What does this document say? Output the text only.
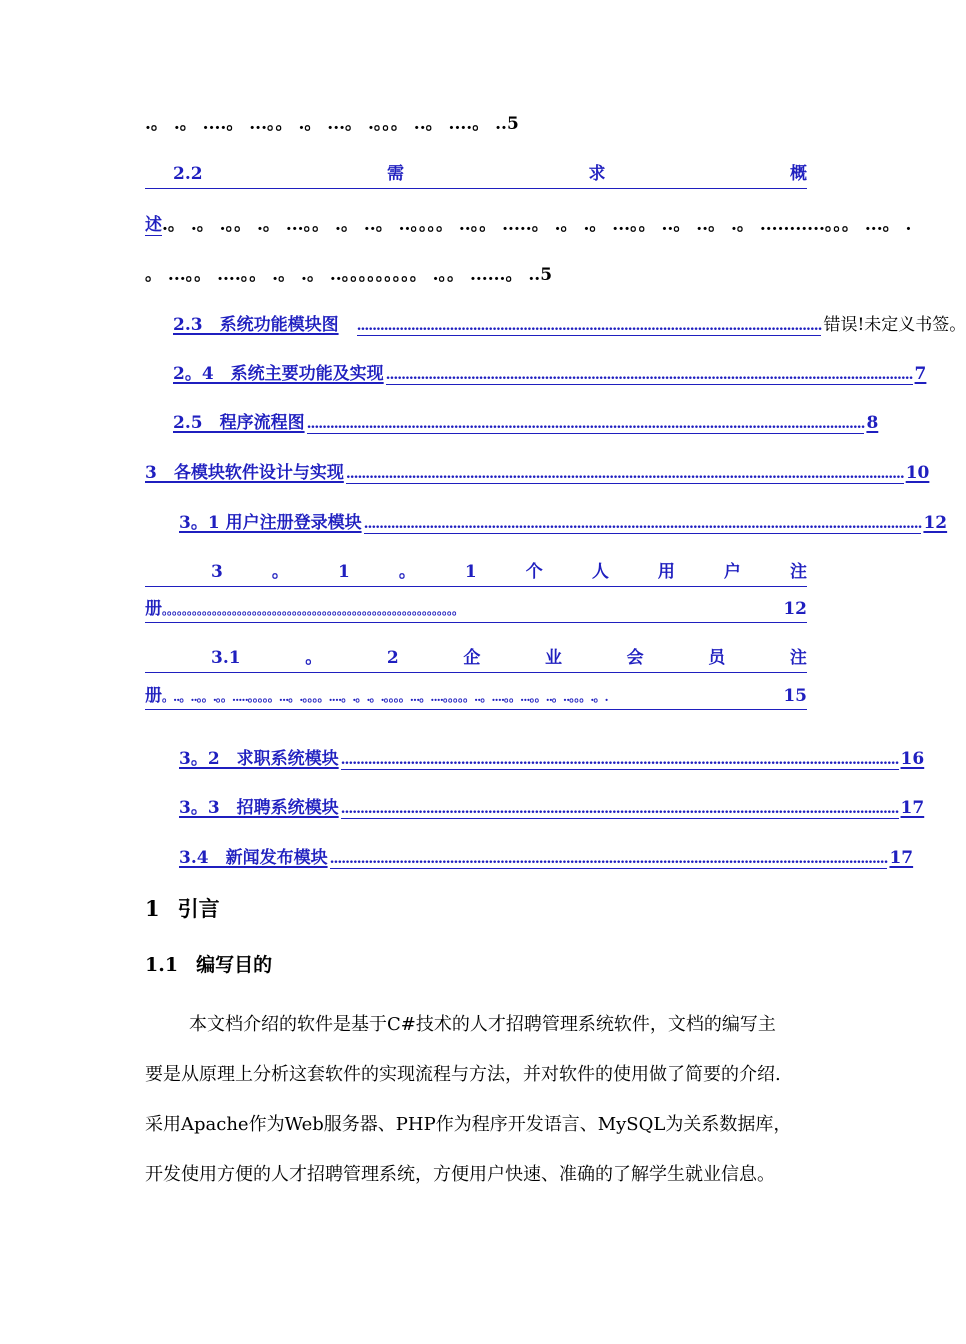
.。 .。 ....。 ...。。 .。 ...。 .。。。 ..。 ....。 ..5
2.2	需	求	概
述.。 .。 .。。 .。 ...。。 .。 ..。 ..。。。。 ..。。 .....。 .。 .。 ...。。 ..。 ..。 .。 ...........。。。 ...。 .
。 ...。。 ....。。 .。 .。 ..。。。。。。。。。 .。。 ......。 ..5
2.3　系统功能模块图 ........................................................................................................................ 错误!未定义书签。
2。4　系统主要功能及实现 ........................................................................................................................................ 7
2.5　程序流程图 ................................................................................................................................................ 8
3　各模块软件设计与实现 ................................................................................................................................................ 10
3。1 用户注册登录模块 ................................................................................................................................................ 12
3	。	1	。	1	个	人	用	户	注
册 。。。。。。。。。。。。。。。。。。。。。。。。。。。。。。。。。。。。。。。。。。。。。。。。。。。。。。。。。。。	12
3.1	。	2	企	业	会	员	注
册 。..。..。。.。。.....。。。。。...。.。。。。....。.。.。.。。。。...。....。。。。。..。....。。...。。..。..。。。.。.	15
3。2　求职系统模块 ................................................................................................................................................ 16
3。3　招聘系统模块 ................................................................................................................................................ 17
3.4　新闻发布模块 ................................................................................................................................................ 17
1 引言
1.1 编写目的

本文档介绍的软件是基于C#技术的人才招聘管理系统软件，文档的编写主

要是从原理上分析这套软件的实现流程与方法，并对软件的使用做了简要的介绍.

采用Apache作为Web服务器、PHP作为程序开发语言、MySQL为关系数据库，

开发使用方便的人才招聘管理系统，方便用户快速、准确的了解学生就业信息。
